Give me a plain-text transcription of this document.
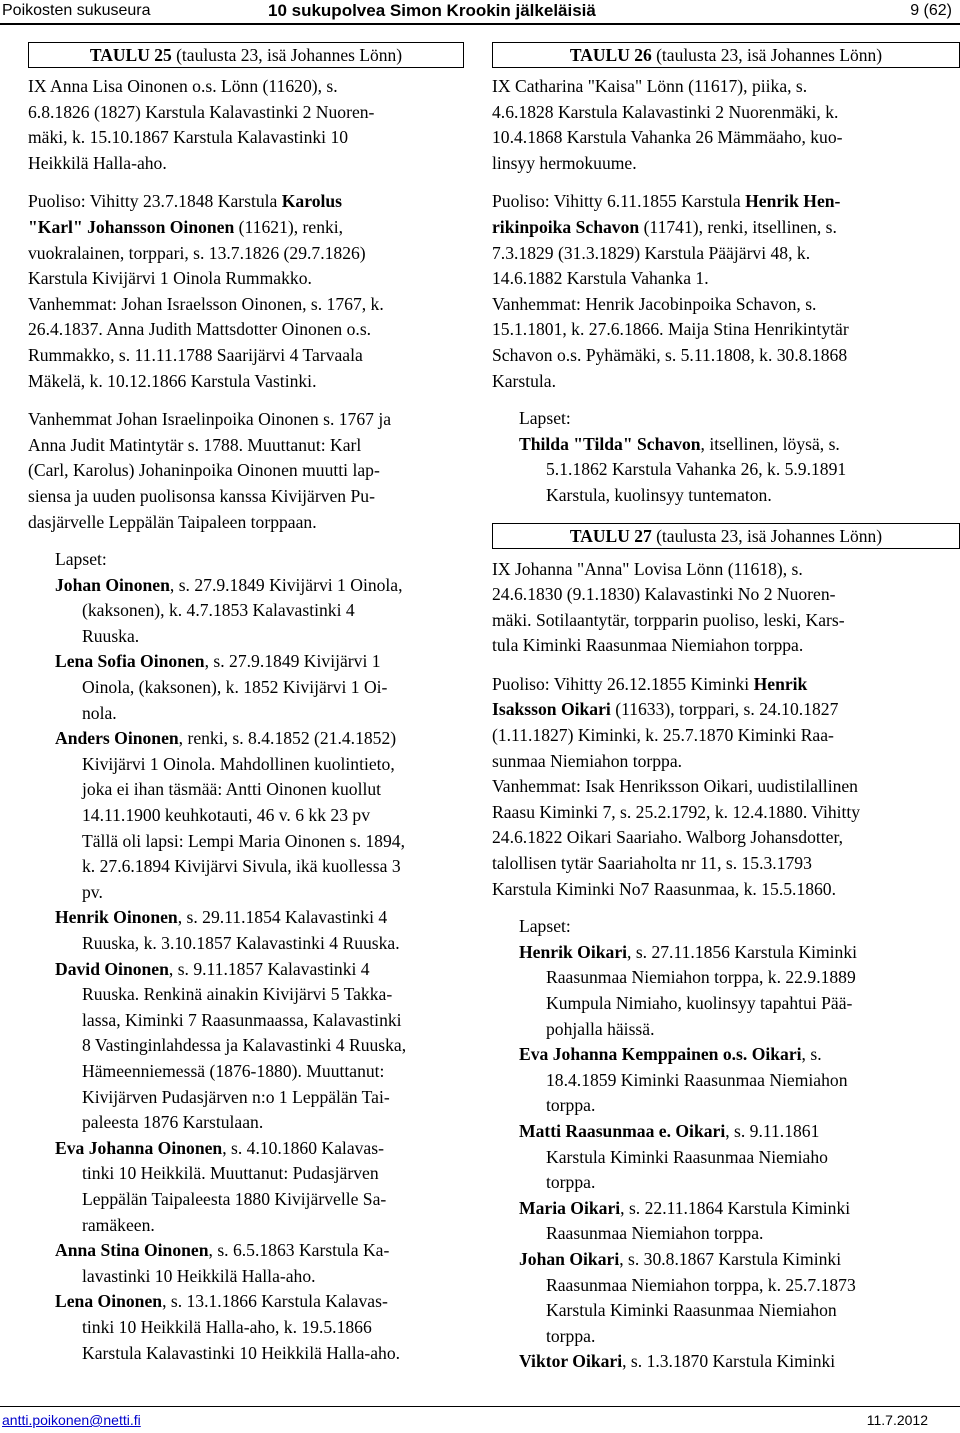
Poikosten sukuseura	10 sukupolvea Simon Krookin jälkeläisiä	9 (62)
TAULU 25 (taulusta 23, isä Johannes Lönn)

IX Anna Lisa Oinonen o.s. Lönn (11620), s.
6.8.1826 (1827) Karstula Kalavastinki 2 Nuoren-
mäki, k. 15.10.1867 Karstula Kalavastinki 10
Heikkilä Halla-aho.

Puoliso: Vihitty 23.7.1848 Karstula Karolus
"Karl" Johansson Oinonen (11621), renki,
vuokralainen, torppari, s. 13.7.1826 (29.7.1826)
Karstula Kivijärvi 1 Oinola Rummakko.
Vanhemmat: Johan Israelsson Oinonen, s. 1767, k.
26.4.1837. Anna Judith Mattsdotter Oinonen o.s.
Rummakko, s. 11.11.1788 Saarijärvi 4 Tarvaala
Mäkelä, k. 10.12.1866 Karstula Vastinki.

Vanhemmat Johan Israelinpoika Oinonen s. 1767 ja
Anna Judit Matintytär s. 1788. Muuttanut: Karl
(Carl, Karolus) Johaninpoika Oinonen muutti lap-
siensa ja uuden puolisonsa kanssa Kivijärven Pu-
dasjärvelle Leppälän Taipaleen torppaan.

Lapset:
Johan Oinonen, s. 27.9.1849 Kivijärvi 1 Oinola,
(kaksonen), k. 4.7.1853 Kalavastinki 4
Ruuska.
Lena Sofia Oinonen, s. 27.9.1849 Kivijärvi 1
Oinola, (kaksonen), k. 1852 Kivijärvi 1 Oi-
nola.
Anders Oinonen, renki, s. 8.4.1852 (21.4.1852)
Kivijärvi 1 Oinola. Mahdollinen kuolintieto,
joka ei ihan täsmää: Antti Oinonen kuollut
14.11.1900 keuhkotauti, 46 v. 6 kk 23 pv
Tällä oli lapsi: Lempi Maria Oinonen s. 1894,
k. 27.6.1894 Kivijärvi Sivula, ikä kuollessa 3
pv.
Henrik Oinonen, s. 29.11.1854 Kalavastinki 4
Ruuska, k. 3.10.1857 Kalavastinki 4 Ruuska.
David Oinonen, s. 9.11.1857 Kalavastinki 4
Ruuska. Renkinä ainakin Kivijärvi 5 Takka-
lassa, Kiminki 7 Raasunmaassa, Kalavastinki
8 Vastinginlahdessa ja Kalavastinki 4 Ruuska,
Hämeenniemessä (1876-1880). Muuttanut:
Kivijärven Pudasjärven n:o 1 Leppälän Tai-
paleesta 1876 Karstulaan.
Eva Johanna Oinonen, s. 4.10.1860 Kalavas-
tinki 10 Heikkilä. Muuttanut: Pudasjärven
Leppälän Taipaleesta 1880 Kivijärvelle Sa-
ramäkeen.
Anna Stina Oinonen, s. 6.5.1863 Karstula Ka-
lavastinki 10 Heikkilä Halla-aho.
Lena Oinonen, s. 13.1.1866 Karstula Kalavas-
tinki 10 Heikkilä Halla-aho, k. 19.5.1866
Karstula Kalavastinki 10 Heikkilä Halla-aho.
TAULU 26 (taulusta 23, isä Johannes Lönn)

IX Catharina "Kaisa" Lönn (11617), piika, s.
4.6.1828 Karstula Kalavastinki 2 Nuorenmäki, k.
10.4.1868 Karstula Vahanka 26 Mämmäaho, kuo-
linsyy hermokuume.

Puoliso: Vihitty 6.11.1855 Karstula Henrik Hen-
rikinpoika Schavon (11741), renki, itsellinen, s.
7.3.1829 (31.3.1829) Karstula Pääjärvi 48, k.
14.6.1882 Karstula Vahanka 1.
Vanhemmat: Henrik Jacobinpoika Schavon, s.
15.1.1801, k. 27.6.1866. Maija Stina Henrikintytär
Schavon o.s. Pyhämäki, s. 5.11.1808, k. 30.8.1868
Karstula.

Lapset:
Thilda "Tilda" Schavon, itsellinen, löysä, s.
5.1.1862 Karstula Vahanka 26, k. 5.9.1891
Karstula, kuolinsyy tuntematon.
TAULU 27 (taulusta 23, isä Johannes Lönn)

IX Johanna "Anna" Lovisa Lönn (11618), s.
24.6.1830 (9.1.1830) Kalavastinki No 2 Nuoren-
mäki. Sotilaantytär, torpparin puoliso, leski, Kars-
tula Kiminki Raasunmaa Niemiahon torppa.

Puoliso: Vihitty 26.12.1855 Kiminki Henrik
Isaksson Oikari (11633), torppari, s. 24.10.1827
(1.11.1827) Kiminki, k. 25.7.1870 Kiminki Raa-
sunmaa Niemiahon torppa.
Vanhemmat: Isak Henriksson Oikari, uudistilallinen
Raasu Kiminki 7, s. 25.2.1792, k. 12.4.1880. Vihitty
24.6.1822 Oikari Saariaho. Walborg Johansdotter,
talollisen tytär Saariaholta nr 11, s. 15.3.1793
Karstula Kiminki No7 Raasunmaa, k. 15.5.1860.

Lapset:
Henrik Oikari, s. 27.11.1856 Karstula Kiminki
Raasunmaa Niemiahon torppa, k. 22.9.1889
Kumpula Nimiaho, kuolinsyy tapahtui Pää-
pohjalla häissä.
Eva Johanna Kemppainen o.s. Oikari, s.
18.4.1859 Kiminki Raasunmaa Niemiahon
torppa.
Matti Raasunmaa e. Oikari, s. 9.11.1861
Karstula Kiminki Raasunmaa Niemiaho
torppa.
Maria Oikari, s. 22.11.1864 Karstula Kiminki
Raasunmaa Niemiahon torppa.
Johan Oikari, s. 30.8.1867 Karstula Kiminki
Raasunmaa Niemiahon torppa, k. 25.7.1873
Karstula Kiminki Raasunmaa Niemiahon
torppa.
Viktor Oikari, s. 1.3.1870 Karstula Kiminki
antti.poikonen@netti.fi	11.7.2012
